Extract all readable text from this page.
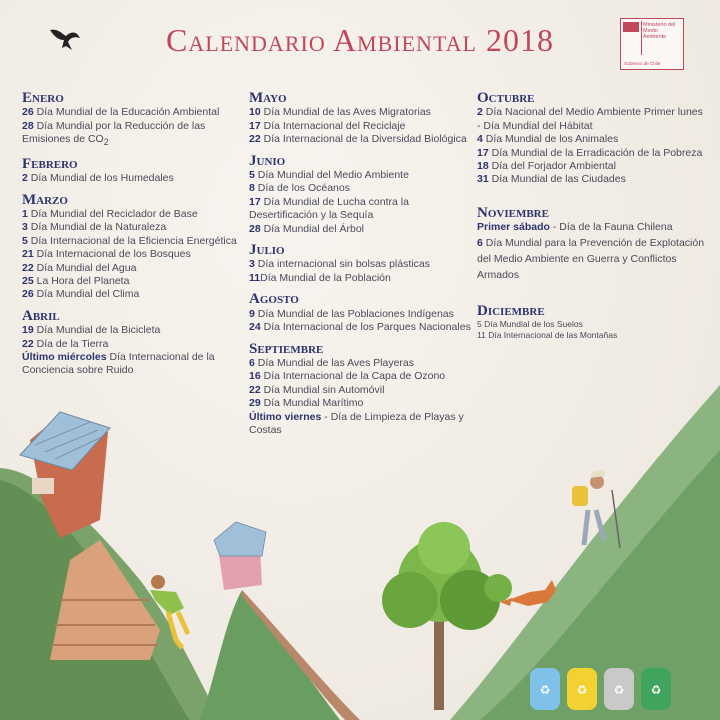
♻ ♻ ♻ ♻
Calendario Ambiental 2018	Ministerio del Medio Ambiente
Gobierno de Chile
Enero
26 Día Mundial de la Educación Ambiental
28 Día Mundial por la Reducción de las Emisiones de $CO_2$
Febrero
2 Día Mundial de los Humedales
Marzo
1 Día Mundial del Reciclador de Base
3 Día Mundial de la Naturaleza
5 Día Internacional de la Eficiencia Energética
21 Día Internacional de los Bosques
22 Día Mundial del Agua
25 La Hora del Planeta
26 Día Mundial del Clima
Abril
19 Día Mundial de la Bicicleta
22 Día de la Tierra
Último miércoles Día Internacional de la Conciencia sobre Ruido
Mayo
10 Día Mundial de las Aves Migratorias
17 Día Internacional del Reciclaje
22 Día Internacional de la Diversidad Biológica
Junio
5 Día Mundial del Medio Ambiente
8 Día de los Océanos
17 Día Mundial de Lucha contra la Desertificación y la Sequía
28 Día Mundial del Árbol
Julio
3 Día internacional sin bolsas plásticas
11Día Mundial de la Población
Agosto
9 Día Mundial de las Poblaciones Indígenas
24 Día Internacional de los Parques Nacionales
Septiembre
6 Día Mundial de las Aves Playeras
16 Día Internacional de la Capa de Ozono
22 Día Mundial sin Automóvil
29 Día Mundial Marítimo
Último viernes - Día de Limpieza de Playas y Costas
Octubre
2 Día Nacional del Medio Ambiente Primer lunes - Día Mundial del Hábitat
4 Día Mundial de los Animales
17 Día Mundial de la Erradicación de la Pobreza
18 Día del Forjador Ambiental
31 Día Mundial de las Ciudades
Noviembre
Primer sábado - Día de la Fauna Chilena
6 Día Mundial para la Prevención de Explotación del Medio Ambiente en Guerra y Conflictos Armados
Diciembre
5 Día Mundial de los Suelos
11 Día Internacional de las Montañas
